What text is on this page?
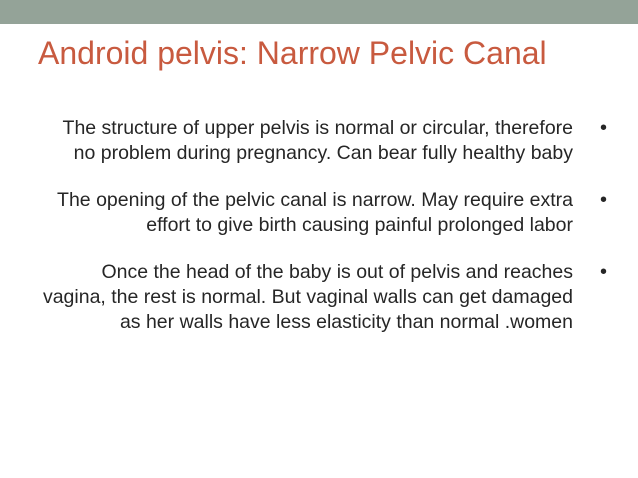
Android pelvis: Narrow Pelvic Canal
The structure of upper pelvis is normal or circular, therefore no problem during pregnancy. Can bear fully healthy baby
•
The opening of the pelvic canal is narrow. May require extra effort to give birth causing painful prolonged labor
•
Once the head of the baby is out of pelvis and reaches vagina, the rest is normal. But vaginal walls can get damaged as her walls have less elasticity than normal .women
•
